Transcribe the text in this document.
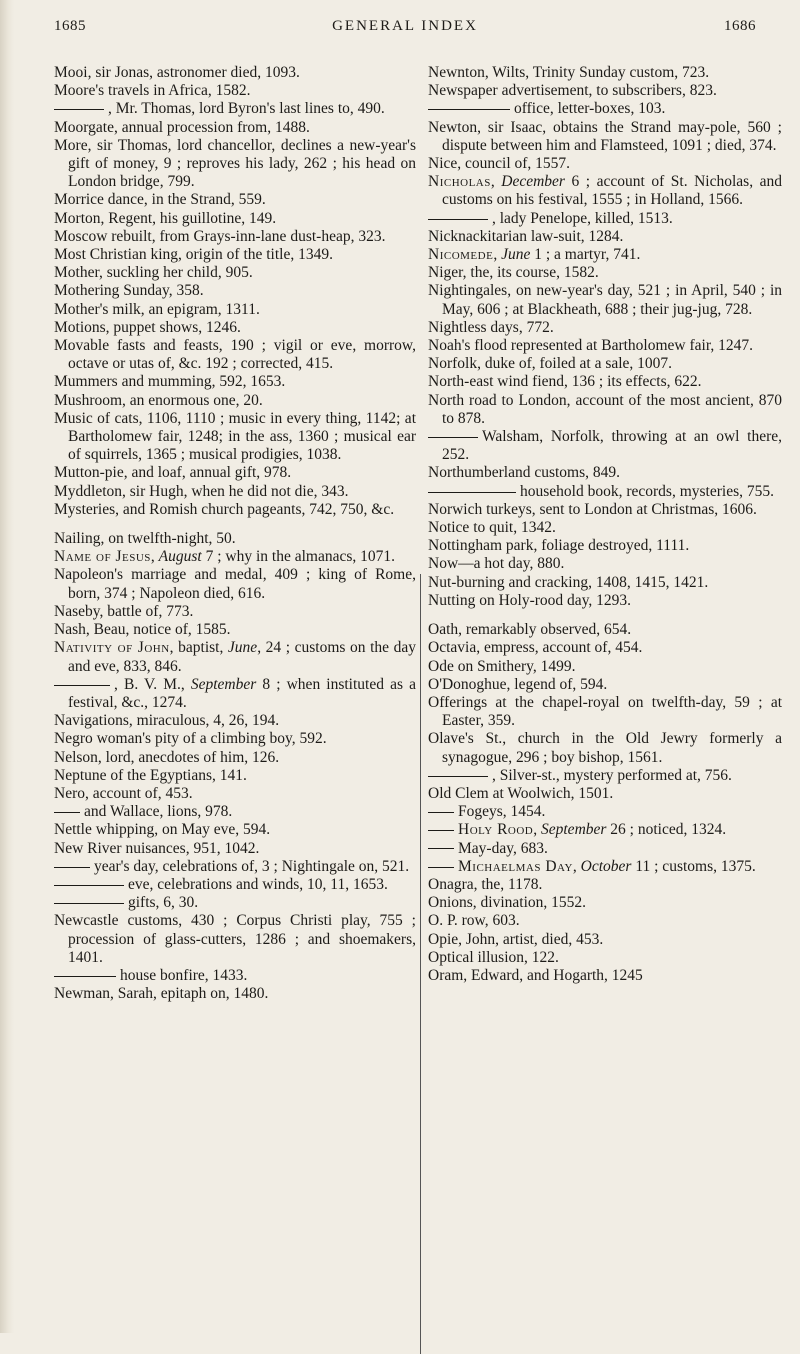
1685	GENERAL INDEX	1686

Mooi, sir Jonas, astronomer died, 1093.

Moore's travels in Africa, 1582.

, Mr. Thomas, lord Byron's last lines to, 490.

Moorgate, annual procession from, 1488.

More, sir Thomas, lord chancellor, declines a new-year's gift of money, 9 ; reproves his lady, 262 ; his head on London bridge, 799.

Morrice dance, in the Strand, 559.

Morton, Regent, his guillotine, 149.

Moscow rebuilt, from Grays-inn-lane dust-heap, 323.

Most Christian king, origin of the title, 1349.

Mother, suckling her child, 905.

Mothering Sunday, 358.

Mother's milk, an epigram, 1311.

Motions, puppet shows, 1246.

Movable fasts and feasts, 190 ; vigil or eve, morrow, octave or utas of, &c. 192 ; corrected, 415.

Mummers and mumming, 592, 1653.

Mushroom, an enormous one, 20.

Music of cats, 1106, 1110 ; music in every thing, 1142; at Bartholomew fair, 1248; in the ass, 1360 ; musical ear of squirrels, 1365 ; musical prodigies, 1038.

Mutton-pie, and loaf, annual gift, 978.

Myddleton, sir Hugh, when he did not die, 343.

Mysteries, and Romish church pageants, 742, 750, &c.

Nailing, on twelfth-night, 50.

Name of Jesus, August 7 ; why in the almanacs, 1071.

Napoleon's marriage and medal, 409 ; king of Rome, born, 374 ; Napoleon died, 616.

Naseby, battle of, 773.

Nash, Beau, notice of, 1585.

Nativity of John, baptist, June, 24 ; customs on the day and eve, 833, 846.

, B. V. M., September 8 ; when instituted as a festival, &c., 1274.

Navigations, miraculous, 4, 26, 194.

Negro woman's pity of a climbing boy, 592.

Nelson, lord, anecdotes of him, 126.

Neptune of the Egyptians, 141.

Nero, account of, 453.

and Wallace, lions, 978.

Nettle whipping, on May eve, 594.

New River nuisances, 951, 1042.

year's day, celebrations of, 3 ; Nightingale on, 521.

eve, celebrations and winds, 10, 11, 1653.

gifts, 6, 30.

Newcastle customs, 430 ; Corpus Christi play, 755 ; procession of glass-cutters, 1286 ; and shoemakers, 1401.

house bonfire, 1433.

Newman, Sarah, epitaph on, 1480.

Newnton, Wilts, Trinity Sunday custom, 723.

Newspaper advertisement, to subscribers, 823.

office, letter-boxes, 103.

Newton, sir Isaac, obtains the Strand may-pole, 560 ; dispute between him and Flamsteed, 1091 ; died, 374.

Nice, council of, 1557.

Nicholas, December 6 ; account of St. Nicholas, and customs on his festival, 1555 ; in Holland, 1566.

, lady Penelope, killed, 1513.

Nicknackitarian law-suit, 1284.

Nicomede, June 1 ; a martyr, 741.

Niger, the, its course, 1582.

Nightingales, on new-year's day, 521 ; in April, 540 ; in May, 606 ; at Blackheath, 688 ; their jug-jug, 728.

Nightless days, 772.

Noah's flood represented at Bartholomew fair, 1247.

Norfolk, duke of, foiled at a sale, 1007.

North-east wind fiend, 136 ; its effects, 622.

North road to London, account of the most ancient, 870 to 878.

Walsham, Norfolk, throwing at an owl there, 252.

Northumberland customs, 849.

household book, records, mysteries, 755.

Norwich turkeys, sent to London at Christmas, 1606.

Notice to quit, 1342.

Nottingham park, foliage destroyed, 1111.

Now—a hot day, 880.

Nut-burning and cracking, 1408, 1415, 1421.

Nutting on Holy-rood day, 1293.

Oath, remarkably observed, 654.

Octavia, empress, account of, 454.

Ode on Smithery, 1499.

O'Donoghue, legend of, 594.

Offerings at the chapel-royal on twelfth-day, 59 ; at Easter, 359.

Olave's St., church in the Old Jewry formerly a synagogue, 296 ; boy bishop, 1561.

, Silver-st., mystery performed at, 756.

Old Clem at Woolwich, 1501.

Fogeys, 1454.

Holy Rood, September 26 ; noticed, 1324.

May-day, 683.

Michaelmas Day, October 11 ; customs, 1375.

Onagra, the, 1178.

Onions, divination, 1552.

O. P. row, 603.

Opie, John, artist, died, 453.

Optical illusion, 122.

Oram, Edward, and Hogarth, 1245
